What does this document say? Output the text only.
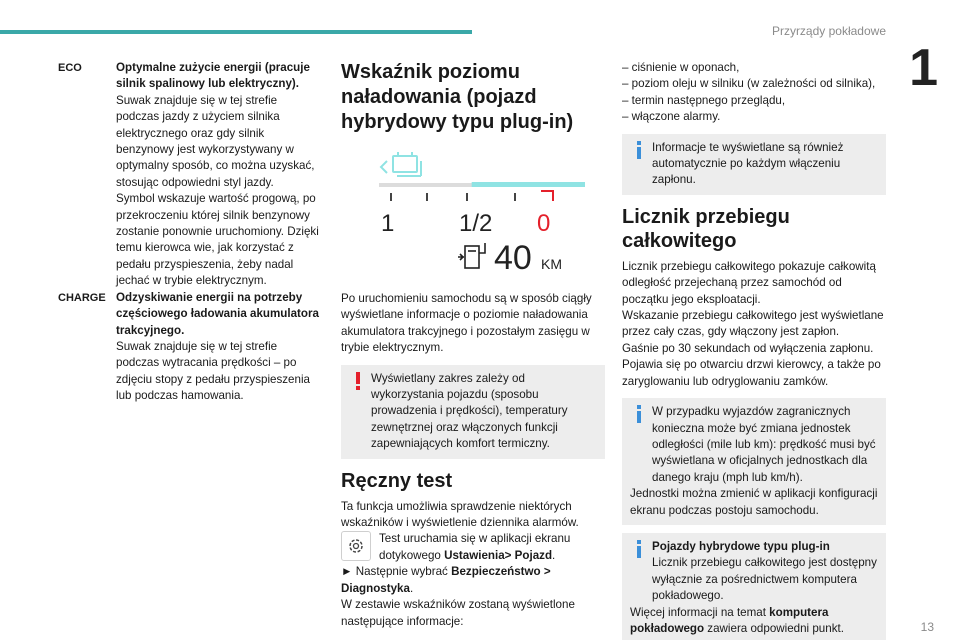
Przyrządy pokładowe
1
13
ECO	Optymalne zużycie energii (pracuje silnik spalinowy lub elektryczny).
Suwak znajduje się w tej strefie podczas jazdy z użyciem silnika elektrycznego oraz gdy silnik benzynowy jest wykorzystywany w optymalny sposób, co można uzyskać, stosując odpowiedni styl jazdy.
Symbol wskazuje wartość progową, po przekroczeniu której silnik benzynowy zostanie ponownie uruchomiony. Dzięki temu kierowca wie, jak korzystać z pedału przyspieszenia, żeby nadal jechać w trybie elektrycznym.
CHARGE Odzyskiwanie energii na potrzeby częściowego ładowania akumulatora trakcyjnego.
Suwak znajduje się w tej strefie podczas wytracania prędkości – po zdjęciu stopy z pedału przyspieszenia lub podczas hamowania.
Wskaźnik poziomu naładowania (pojazd hybrydowy typu plug-in)
1	1/2 0
40 KM
Po uruchomieniu samochodu są w sposób ciągły wyświetlane informacje o poziomie naładowania akumulatora trakcyjnego i pozostałym zasięgu w trybie elektrycznym.
Wyświetlany zakres zależy od wykorzystania pojazdu (sposobu prowadzenia i prędkości), temperatury zewnętrznej oraz włączonych funkcji zapewniających komfort termiczny.
Ręczny test
Ta funkcja umożliwia sprawdzenie niektórych wskaźników i wyświetlenie dziennika alarmów.
Test uruchamia się w aplikacji ekranu dotykowego Ustawienia> Pojazd.
► Następnie wybrać Bezpieczeństwo > Diagnostyka.
W zestawie wskaźników zostaną wyświetlone następujące informacje:
– ciśnienie w oponach,
– poziom oleju w silniku (w zależności od silnika),
– termin następnego przeglądu,
– włączone alarmy.
Informacje te wyświetlane są również automatycznie po każdym włączeniu zapłonu.
Licznik przebiegu całkowitego
Licznik przebiegu całkowitego pokazuje całkowitą odległość przejechaną przez samochód od początku jego eksploatacji.
Wskazanie przebiegu całkowitego jest wyświetlane przez cały czas, gdy włączony jest zapłon.
Gaśnie po 30 sekundach od wyłączenia zapłonu. Pojawia się po otwarciu drzwi kierowcy, a także po zaryglowaniu lub odryglowaniu zamków.
W przypadku wyjazdów zagranicznych konieczna może być zmiana jednostek odległości (mile lub km): prędkość musi być wyświetlana w oficjalnych jednostkach dla danego kraju (mph lub km/h).
Jednostki można zmienić w aplikacji konfiguracji ekranu podczas postoju samochodu.
Pojazdy hybrydowe typu plug-in
Licznik przebiegu całkowitego jest dostępny wyłącznie za pośrednictwem komputera pokładowego.
Więcej informacji na temat komputera pokładowego zawiera odpowiedni punkt.
